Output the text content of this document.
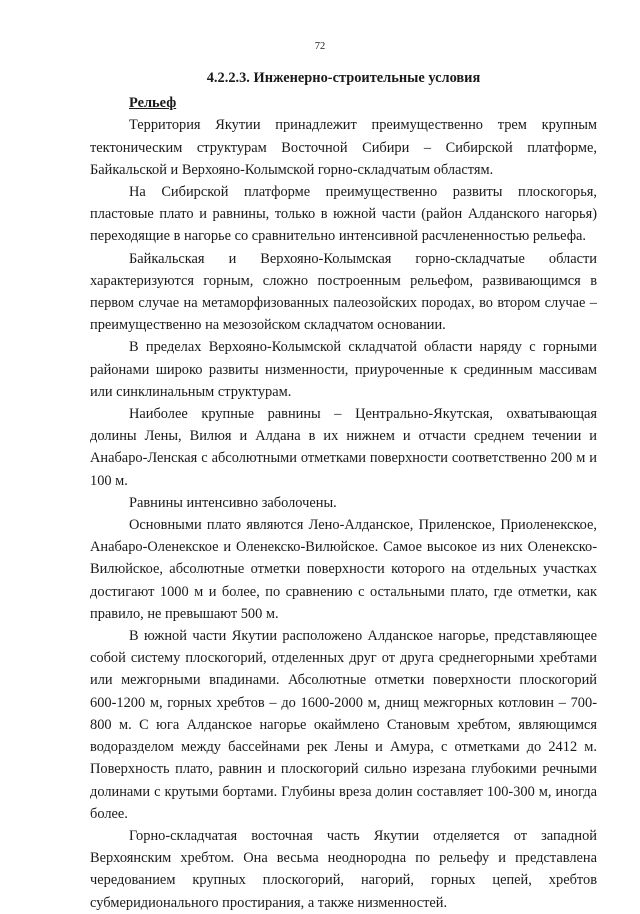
72
4.2.2.3. Инженерно-строительные условия
Рельеф

Территория Якутии принадлежит преимущественно трем крупным тектоническим структурам Восточной Сибири – Сибирской платформе, Байкальской и Верхояно-Колымской горно-складчатым областям.

На Сибирской платформе преимущественно развиты плоскогорья, пластовые плато и равнины, только в южной части (район Алданского нагорья) переходящие в нагорье со сравнительно интенсивной расчлененностью рельефа.

Байкальская и Верхояно-Колымская горно-складчатые области характеризуются горным, сложно построенным рельефом, развивающимся в первом случае на метаморфизованных палеозойских породах, во втором случае – преимущественно на мезозойском складчатом основании.

В пределах Верхояно-Колымской складчатой области наряду с горными районами широко развиты низменности, приуроченные к срединным массивам или синклинальным структурам.

Наиболее крупные равнины – Центрально-Якутская, охватывающая долины Лены, Вилюя и Алдана в их нижнем и отчасти среднем течении и Анабаро-Ленская с абсолютными отметками поверхности соответственно 200 м и 100 м.

Равнины интенсивно заболочены.

Основными плато являются Лено-Алданское, Приленское, Приоленекское, Анабаро-Оленекское и Оленекско-Вилюйское. Самое высокое из них Оленекско-Вилюйское, абсолютные отметки поверхности которого на отдельных участках достигают 1000 м и более, по сравнению с остальными плато, где отметки, как правило, не превышают 500 м.

В южной части Якутии расположено Алданское нагорье, представляющее собой систему плоскогорий, отделенных друг от друга среднегорными хребтами или межгорными впадинами. Абсолютные отметки поверхности плоскогорий 600-1200 м, горных хребтов – до 1600-2000 м, днищ межгорных котловин – 700-800 м. С юга Алданское нагорье окаймлено Становым хребтом, являющимся водоразделом между бассейнами рек Лены и Амура, с отметками до 2412 м. Поверхность плато, равнин и плоскогорий сильно изрезана глубокими речными долинами с крутыми бортами. Глубины вреза долин составляет 100-300 м, иногда более.

Горно-складчатая восточная часть Якутии отделяется от западной Верхоянским хребтом. Она весьма неоднородна по рельефу и представлена чередованием крупных плоскогорий, нагорий, горных цепей, хребтов субмеридионального простирания, а также низменностей.
